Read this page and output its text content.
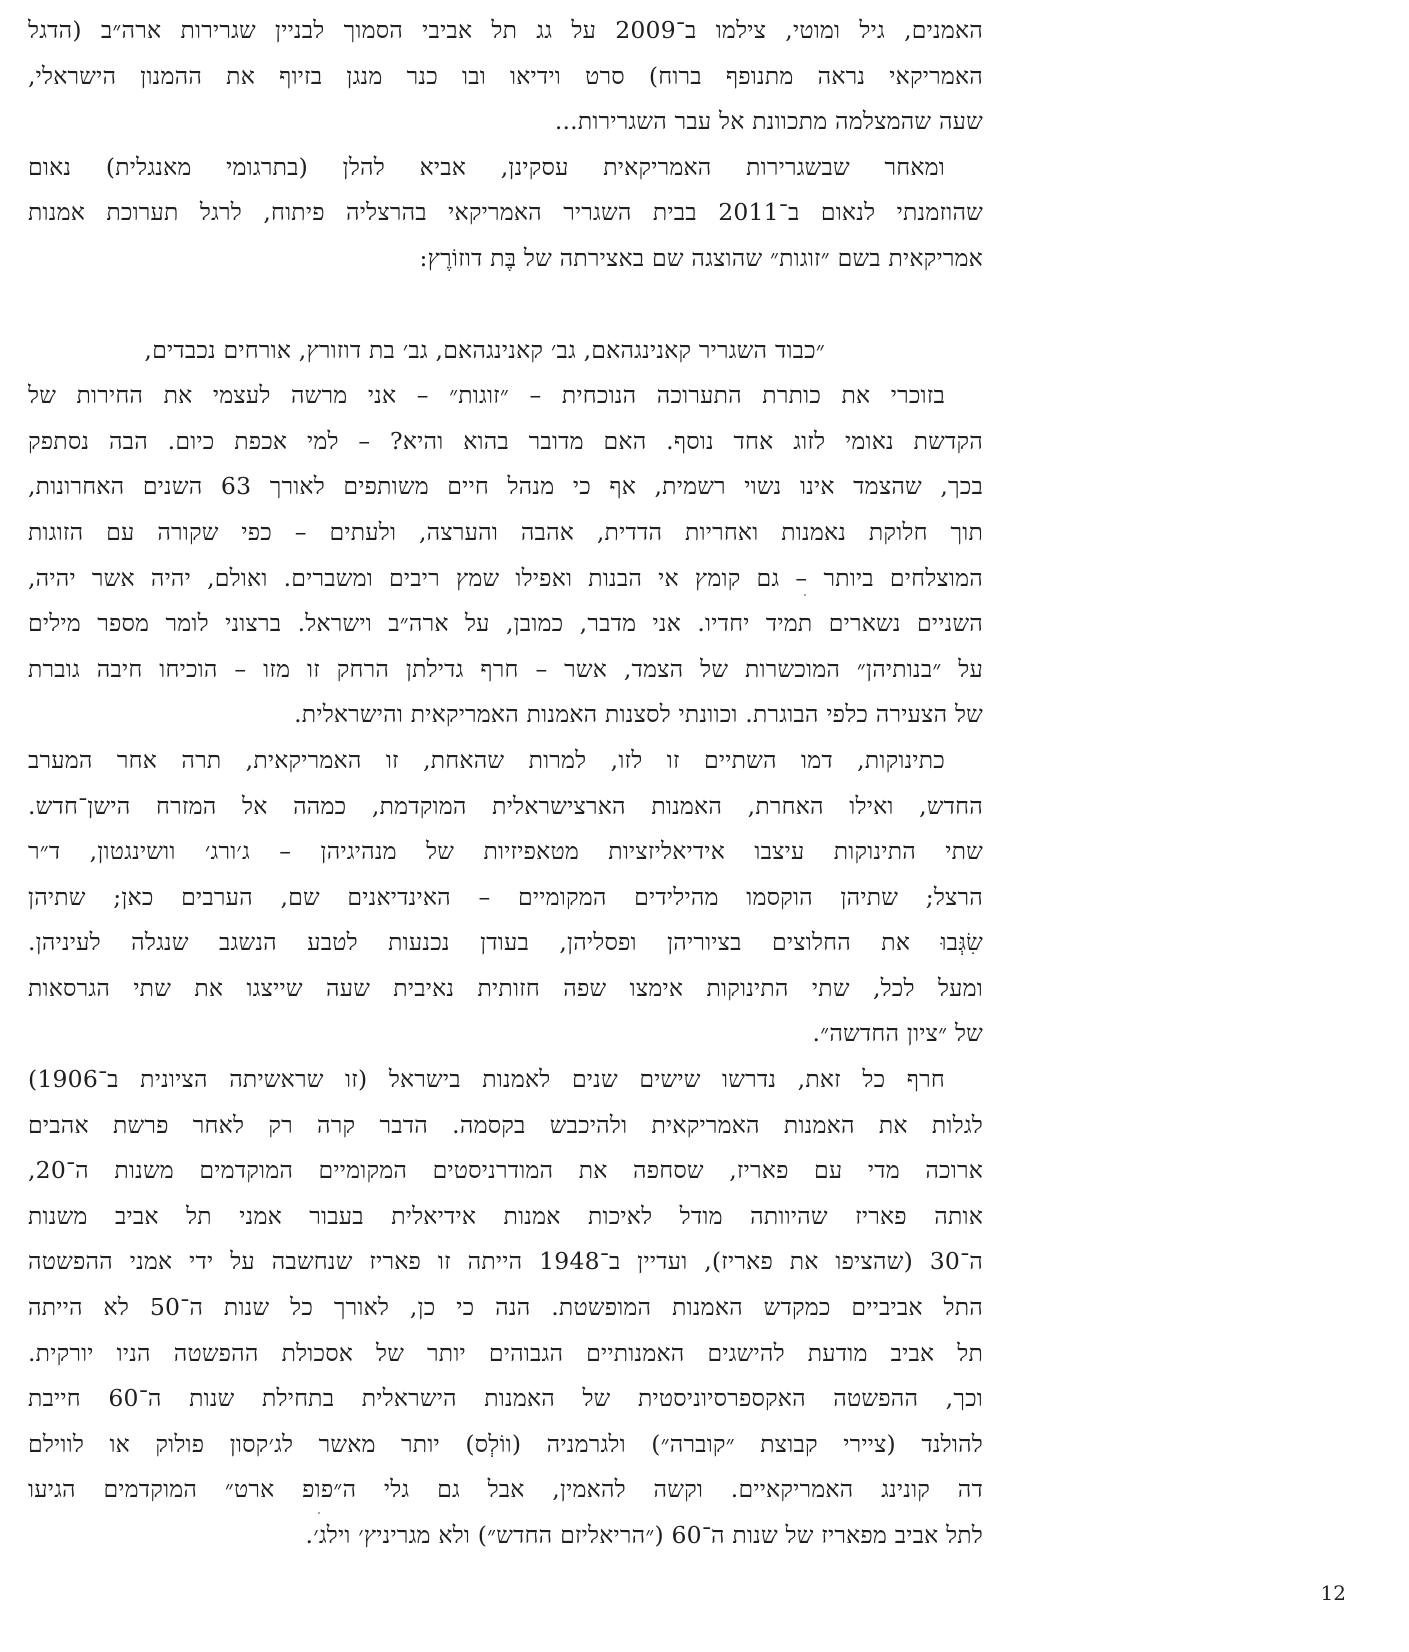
האמנים, גיל ומוטי, צילמו ב־2009 על גג תל אביבי הסמוך לבניין שגרירות ארה״ב (הדגל
האמריקאי נראה מתנופף ברוח) סרט וידיאו ובו כנר מנגן בזיוף את ההמנון הישראלי,
שעה שהמצלמה מתכוונת אל עבר השגרירות...
ומאחר שבשגרירות האמריקאית עסקינן, אביא להלן (בתרגומי מאנגלית) נאום
שהוזמנתי לנאום ב־2011 בבית השגריר האמריקאי בהרצליה פיתוח, לרגל תערוכת אמנות
אמריקאית בשם ״זוגות״ שהוצגה שם באצירתה של בֶּת דוזוֹרֶץ:
״כבוד השגריר קאנינגהאם, גב׳ קאנינגהאם, גב׳ בת דוזורץ, אורחים נכבדים,
בזוכרי את כותרת התערוכה הנוכחית – ״זוגות״ – אני מרשה לעצמי את החירות של
הקדשת נאומי לזוג אחד נוסף. האם מדובר בהוא והיא? – למי אכפת כיום. הבה נסתפק
בכך, שהצמד אינו נשוי רשמית, אף כי מנהל חיים משותפים לאורך 63 השנים האחרונות,
תוך חלוקת נאמנות ואחריות הדדית, אהבה והערצה, ולעתים – כפי שקורה עם הזוגות
המוצלחים ביותר – גם קומץ אי הבנות ואפילו שמץ ריבים ומשברים. ואולם, יהיה אשר יהיה,
השניים נשארים תמיד יחדיו. אני מדבר, כמובן, על ארה״ב וישראל. ברצוני לומר מספר מילים
על ״בנותיהן״ המוכשרות של הצמד, אשר – חרף גדילתן הרחק זו מזו – הוכיחו חיבה גוברת
של הצעירה כלפי הבוגרת. וכוונתי לסצנות האמנות האמריקאית והישראלית.
כתינוקות, דמו השתיים זו לזו, למרות שהאחת, זו האמריקאית, תרה אחר המערב
החדש, ואילו האחרת, האמנות הארצישראלית המוקדמת, כמהה אל המזרח הישן־חדש.
שתי התינוקות עיצבו אידיאליזציות מטאפיזיות של מנהיגיהן – ג׳ורג׳ וושינגטון, ד״ר
הרצל; שתיהן הוקסמו מהילידים המקומיים – האינדיאנים שם, הערבים כאן; שתיהן
שִׂגְּבוּ את החלוצים בציוריהן ופסליהן, בעודן נכנעות לטבע הנשגב שנגלה לעיניהן.
ומעל לכל, שתי התינוקות אימצו שפה חזותית נאיבית שעה שייצגו את שתי הגרסאות
של ״ציון החדשה״.
חרף כל זאת, נדרשו שישים שנים לאמנות בישראל (זו שראשיתה הציונית ב־1906)
לגלות את האמנות האמריקאית ולהיכבש בקסמה. הדבר קרה רק לאחר פרשת אהבים
ארוכה מדי עם פאריז, שסחפה את המודרניסטים המקומיים המוקדמים משנות ה־20,
אותה פאריז שהיוותה מודל לאיכות אמנות אידיאלית בעבור אמני תל אביב משנות
ה־30 (שהציפו את פאריז), ועדיין ב־1948 הייתה זו פאריז שנחשבה על ידי אמני ההפשטה
התל אביביים כמקדש האמנות המופשטת. הנה כי כן, לאורך כל שנות ה־50 לא הייתה
תל אביב מודעת להישגים האמנותיים הגבוהים יותר של אסכולת ההפשטה הניו יורקית.
וכך, ההפשטה האקספרסיוניסטית של האמנות הישראלית בתחילת שנות ה־60 חייבת
להולנד (ציירי קבוצת ״קוברה״) ולגרמניה (ווֹלְס) יותר מאשר לג׳קסון פולוק או לווילם
דה קונינג האמריקאיים. וקשה להאמין, אבל גם גלי ה״פופ ארט״ המוקדמים הגיעו
לתל אביב מפאריז של שנות ה־60 (״הריאליזם החדש״) ולא מגריניץ׳ וילג׳.
12
